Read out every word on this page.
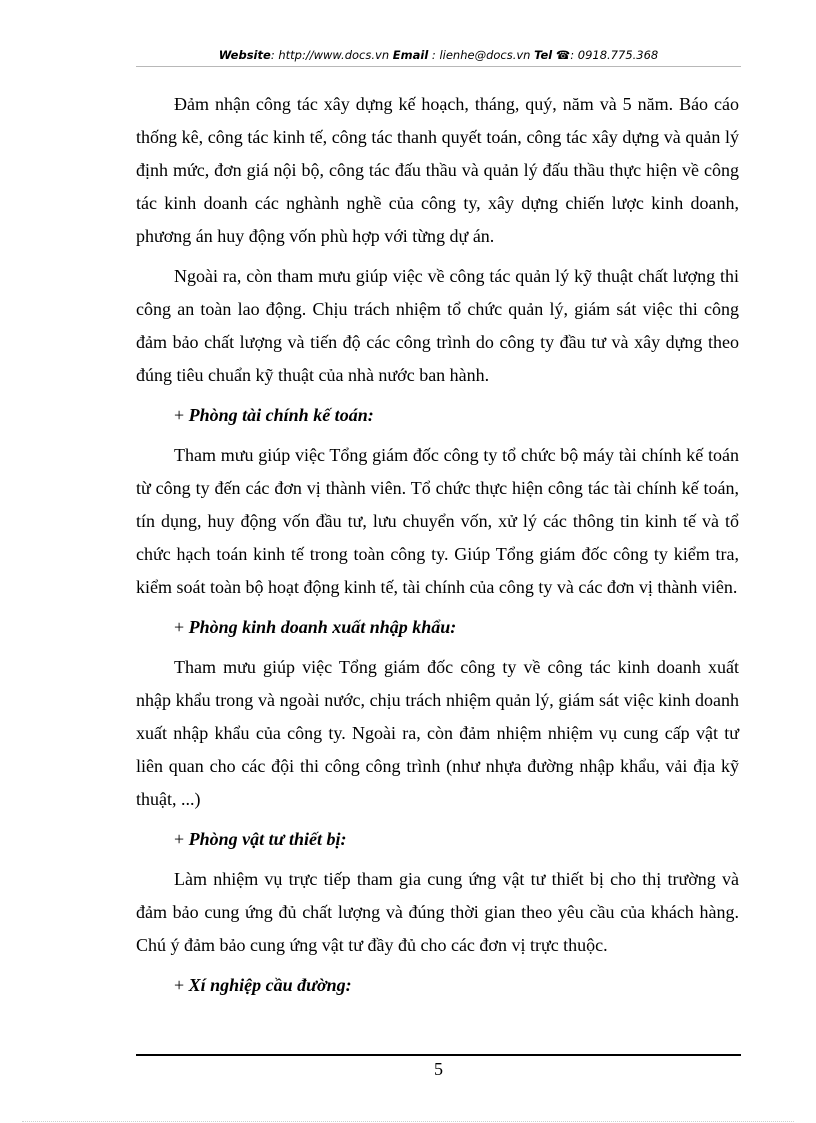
Website: http://www.docs.vn Email : lienhe@docs.vn Tel ☎: 0918.775.368

Đảm nhận công tác xây dựng kế hoạch, tháng, quý, năm và 5 năm. Báo cáo thống kê, công tác kinh tế, công tác thanh quyết toán, công tác xây dựng và quản lý định mức, đơn giá nội bộ, công tác đấu thầu và quản lý đấu thầu thực hiện về công tác kinh doanh các nghành nghề của công ty, xây dựng chiến lược kinh doanh, phương án huy động vốn phù hợp với từng dự án.

Ngoài ra, còn tham mưu giúp việc về công tác quản lý kỹ thuật chất lượng thi công an toàn lao động. Chịu trách nhiệm tổ chức quản lý, giám sát việc thi công đảm bảo chất lượng và tiến độ các công trình do công ty đầu tư và xây dựng theo đúng tiêu chuẩn kỹ thuật của nhà nước ban hành.

+ Phòng tài chính kế toán:

Tham mưu giúp việc Tổng giám đốc công ty tổ chức bộ máy tài chính kế toán từ công ty đến các đơn vị thành viên. Tổ chức thực hiện công tác tài chính kế toán, tín dụng, huy động vốn đầu tư, lưu chuyển vốn, xử lý các thông tin kinh tế và tổ chức hạch toán kinh tế trong toàn công ty. Giúp Tổng giám đốc công ty kiểm tra, kiểm soát toàn bộ hoạt động kinh tế, tài chính của công ty và các đơn vị thành viên.

+ Phòng kinh doanh xuất nhập khẩu:

Tham mưu giúp việc Tổng giám đốc công ty về công tác kinh doanh xuất nhập khẩu trong và ngoài nước, chịu trách nhiệm quản lý, giám sát việc kinh doanh xuất nhập khẩu của công ty. Ngoài ra, còn đảm nhiệm nhiệm vụ cung cấp vật tư liên quan cho các đội thi công công trình (như nhựa đường nhập khẩu, vải địa kỹ thuật, ...)

+ Phòng vật tư thiết bị:

Làm nhiệm vụ trực tiếp tham gia cung ứng vật tư thiết bị cho thị trường và đảm bảo cung ứng đủ chất lượng và đúng thời gian theo yêu cầu của khách hàng. Chú ý đảm bảo cung ứng vật tư đầy đủ cho các đơn vị trực thuộc.

+ Xí nghiệp cầu đường:

5
